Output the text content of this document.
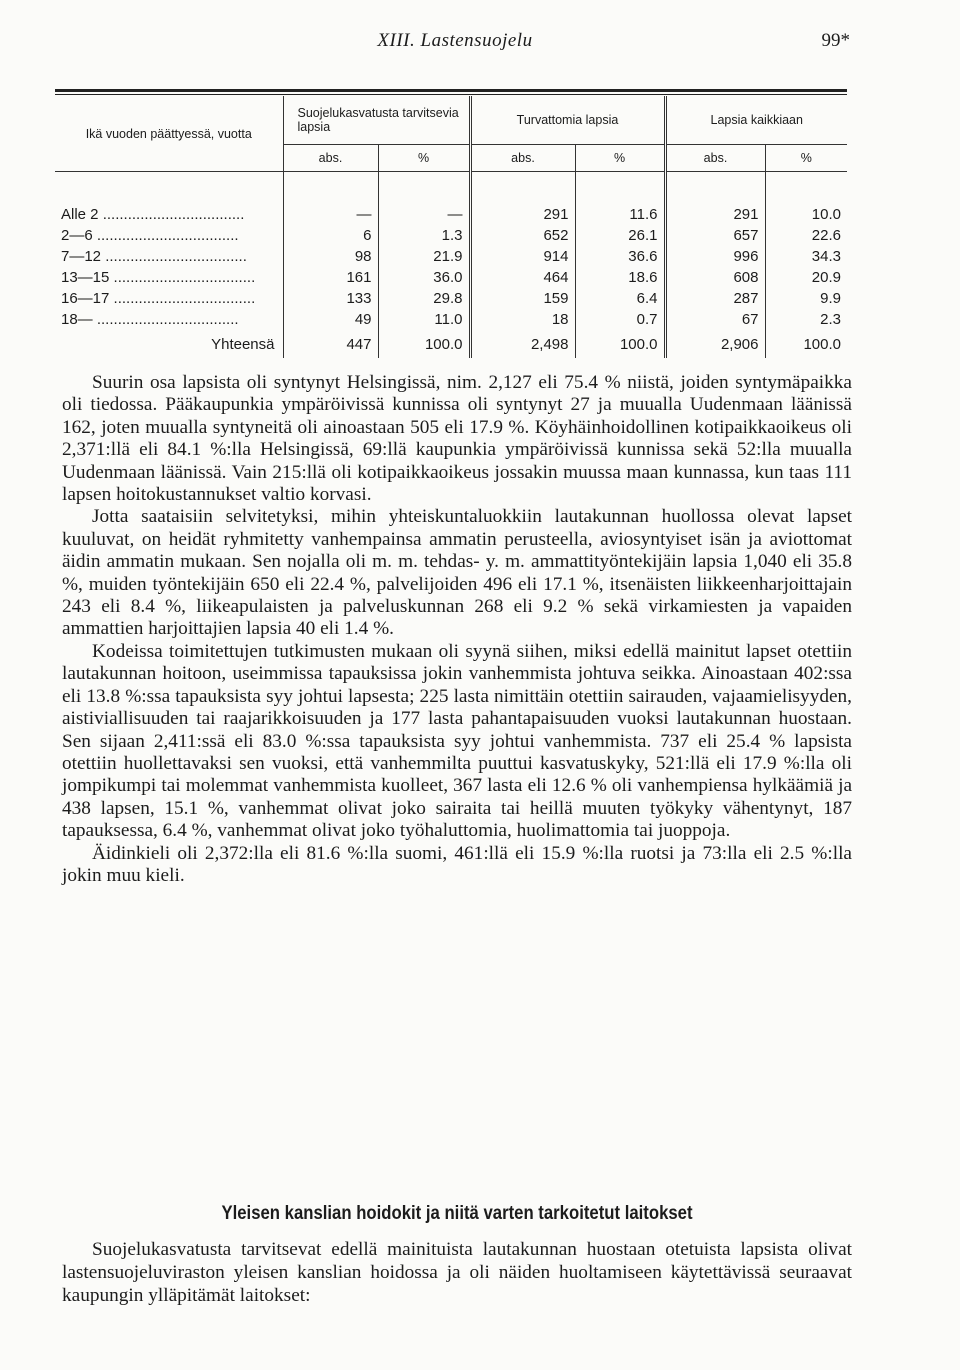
XIII. Lastensuojelu	99*
Ikä vuoden päättyessä, vuotta	Suojelukasvatusta tarvitsevia lapsia		Turvattomia lapsia		Lapsia kaikkiaan	
	abs.	%	abs.	%	abs.	%

Alle 2 ..................................	—	—	291	11.6	291	10.0
2—6 ..................................	6	1.3	652	26.1	657	22.6
7—12 ..................................	98	21.9	914	36.6	996	34.3
13—15 ..................................	161	36.0	464	18.6	608	20.9
16—17 ..................................	133	29.8	159	6.4	287	9.9
18— ..................................	49	11.0	18	0.7	67	2.3
Yhteensä	447	100.0	2,498	100.0	2,906	100.0

Suurin osa lapsista oli syntynyt Helsingissä, nim. 2,127 eli 75.4 % niistä, joiden syntymäpaikka oli tiedossa. Pääkaupunkia ympäröivissä kunnissa oli syntynyt 27 ja muualla Uudenmaan läänissä 162, joten muualla syntyneitä oli ainoastaan 505 eli 17.9 %. Köyhäinhoidollinen kotipaikkaoikeus oli 2,371:llä eli 84.1 %:lla Helsingissä, 69:llä kaupunkia ympäröivissä kunnissa sekä 52:lla muualla Uudenmaan läänissä. Vain 215:llä oli kotipaikkaoikeus jossakin muussa maan kunnassa, kun taas 111 lapsen hoitokustannukset valtio korvasi.

Jotta saataisiin selvitetyksi, mihin yhteiskuntaluokkiin lautakunnan huollossa olevat lapset kuuluvat, on heidät ryhmitetty vanhempainsa ammatin perusteella, aviosyntyiset isän ja aviottomat äidin ammatin mukaan. Sen nojalla oli m. m. tehdas- y. m. ammattityöntekijäin lapsia 1,040 eli 35.8 %, muiden työntekijäin 650 eli 22.4 %, palvelijoiden 496 eli 17.1 %, itsenäisten liikkeenharjoittajain 243 eli 8.4 %, liikeapulaisten ja palveluskunnan 268 eli 9.2 % sekä virkamiesten ja vapaiden ammattien harjoittajien lapsia 40 eli 1.4 %.

Kodeissa toimitettujen tutkimusten mukaan oli syynä siihen, miksi edellä mainitut lapset otettiin lautakunnan hoitoon, useimmissa tapauksissa jokin vanhemmista johtuva seikka. Ainoastaan 402:ssa eli 13.8 %:ssa tapauksista syy johtui lapsesta; 225 lasta nimittäin otettiin sairauden, vajaamielisyyden, aistiviallisuuden tai raajarikkoisuuden ja 177 lasta pahantapaisuuden vuoksi lautakunnan huostaan. Sen sijaan 2,411:ssä eli 83.0 %:ssa tapauksista syy johtui vanhemmista. 737 eli 25.4 % lapsista otettiin huollettavaksi sen vuoksi, että vanhemmilta puuttui kasvatuskyky, 521:llä eli 17.9 %:lla oli jompikumpi tai molemmat vanhemmista kuolleet, 367 lasta eli 12.6 % oli vanhempiensa hylkäämiä ja 438 lapsen, 15.1 %, vanhemmat olivat joko sairaita tai heillä muuten työkyky vähentynyt, 187 tapauksessa, 6.4 %, vanhemmat olivat joko työhaluttomia, huolimattomia tai juoppoja.

Äidinkieli oli 2,372:lla eli 81.6 %:lla suomi, 461:llä eli 15.9 %:lla ruotsi ja 73:lla eli 2.5 %:lla jokin muu kieli.

Yleisen kanslian hoidokit ja niitä varten tarkoitetut laitokset

Suojelukasvatusta tarvitsevat edellä mainituista lautakunnan huostaan otetuista lapsista olivat lastensuojeluviraston yleisen kanslian hoidossa ja oli näiden huoltamiseen käytettävissä seuraavat kaupungin ylläpitämät laitokset:
